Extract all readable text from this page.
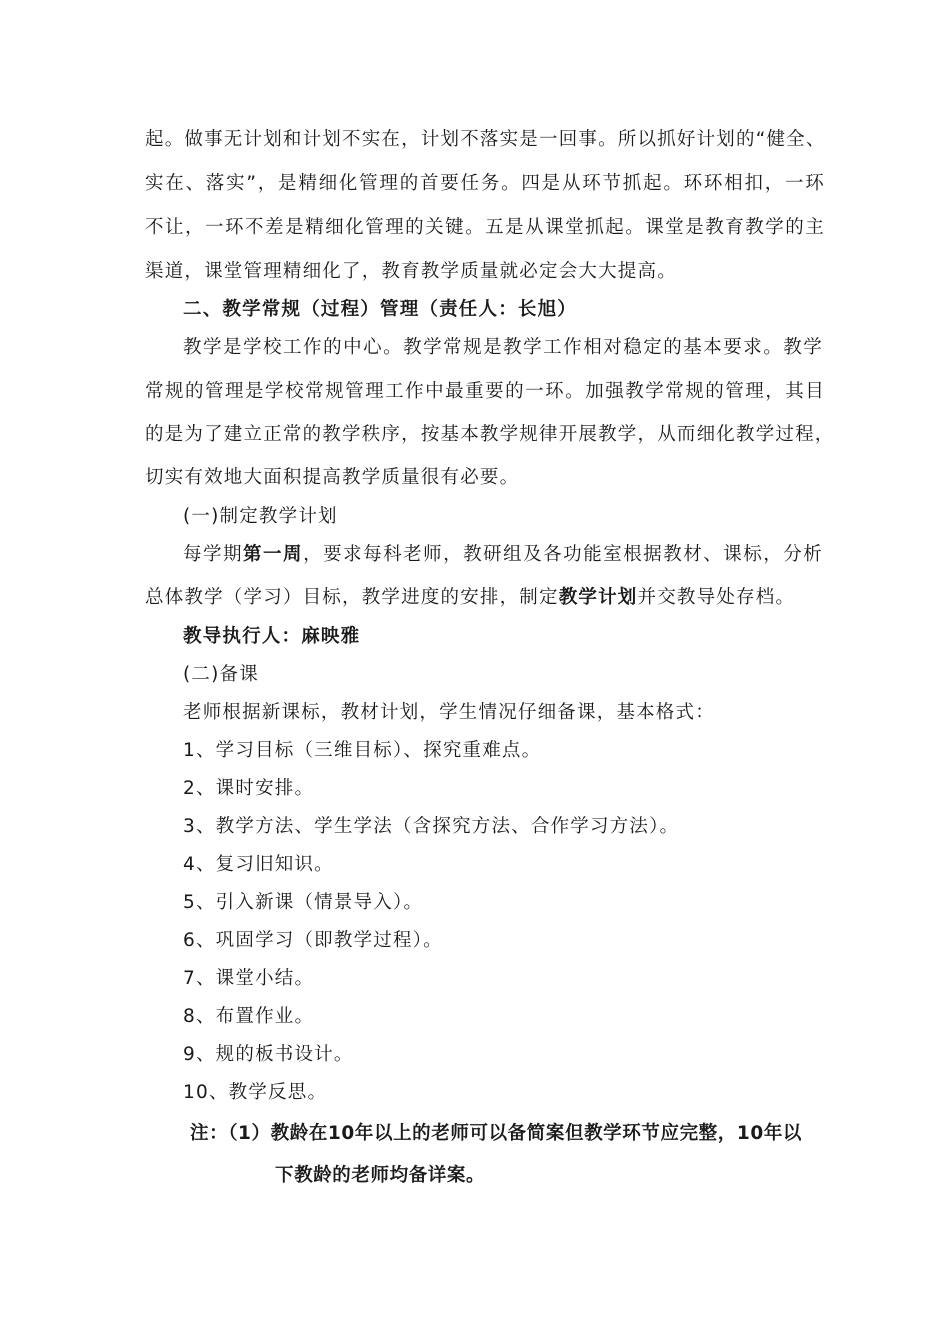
起。做事无计划和计划不实在，计划不落实是一回事。所以抓好计划的“健全、
实在、落实”，是精细化管理的首要任务。四是从环节抓起。环环相扣，一环
不让，一环不差是精细化管理的关键。五是从课堂抓起。课堂是教育教学的主
渠道，课堂管理精细化了，教育教学质量就必定会大大提高。
二、教学常规（过程）管理（责任人：长旭）
教学是学校工作的中心。教学常规是教学工作相对稳定的基本要求。教学
常规的管理是学校常规管理工作中最重要的一环。加强教学常规的管理，其目
的是为了建立正常的教学秩序，按基本教学规律开展教学，从而细化教学过程，
切实有效地大面积提高教学质量很有必要。
(一)制定教学计划
每学期第一周，要求每科老师，教研组及各功能室根据教材、课标，分析
总体教学（学习）目标，教学进度的安排，制定教学计划并交教导处存档。
教导执行人：麻映雅
(二)备课
老师根据新课标，教材计划，学生情况仔细备课，基本格式：
1、学习目标（三维目标）、探究重难点。
2、课时安排。
3、教学方法、学生学法（含探究方法、合作学习方法）。
4、复习旧知识。
5、引入新课（情景导入）。
6、巩固学习（即教学过程）。
7、课堂小结。
8、布置作业。
9、规的板书设计。
10、教学反思。
注：（1）教龄在10年以上的老师可以备简案但教学环节应完整，10年以
下教龄的老师均备详案。
